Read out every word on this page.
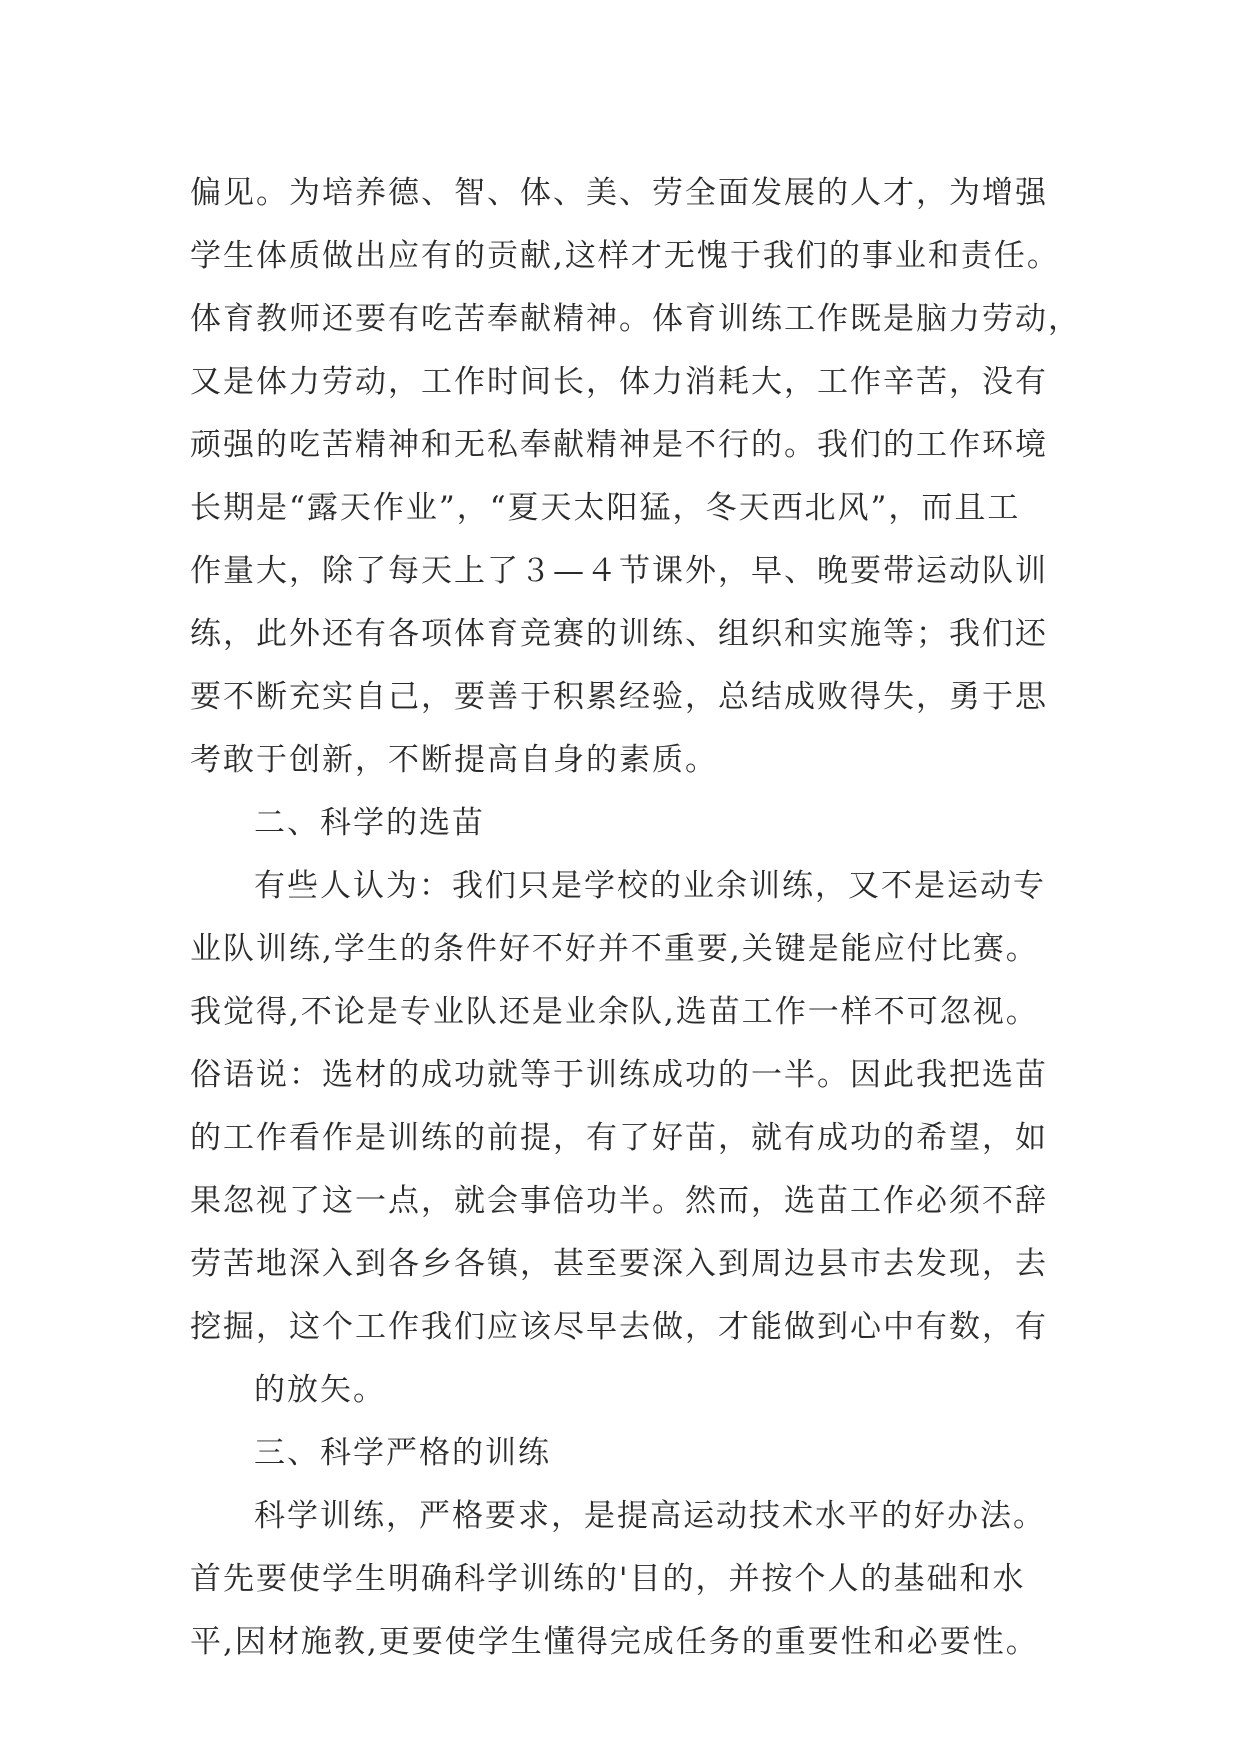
偏见。为培养德、智、体、美、劳全面发展的人才，为增强
学生体质做出应有的贡献,这样才无愧于我们的事业和责任。
体育教师还要有吃苦奉献精神。体育训练工作既是脑力劳动，
又是体力劳动，工作时间长，体力消耗大，工作辛苦，没有
顽强的吃苦精神和无私奉献精神是不行的。我们的工作环境
长期是“露天作业”，“夏天太阳猛，冬天西北风”，而且工
作量大，除了每天上了３—４节课外，早、晚要带运动队训
练，此外还有各项体育竞赛的训练、组织和实施等；我们还
要不断充实自己，要善于积累经验，总结成败得失，勇于思
考敢于创新，不断提高自身的素质。
二、科学的选苗
有些人认为：我们只是学校的业余训练，又不是运动专
业队训练,学生的条件好不好并不重要,关键是能应付比赛。
我觉得,不论是专业队还是业余队,选苗工作一样不可忽视。
俗语说：选材的成功就等于训练成功的一半。因此我把选苗
的工作看作是训练的前提，有了好苗，就有成功的希望，如
果忽视了这一点，就会事倍功半。然而，选苗工作必须不辞
劳苦地深入到各乡各镇，甚至要深入到周边县市去发现，去
挖掘，这个工作我们应该尽早去做，才能做到心中有数，有
的放矢。
三、科学严格的训练
科学训练，严格要求，是提高运动技术水平的好办法。
首先要使学生明确科学训练的'目的，并按个人的基础和水
平,因材施教,更要使学生懂得完成任务的重要性和必要性。
